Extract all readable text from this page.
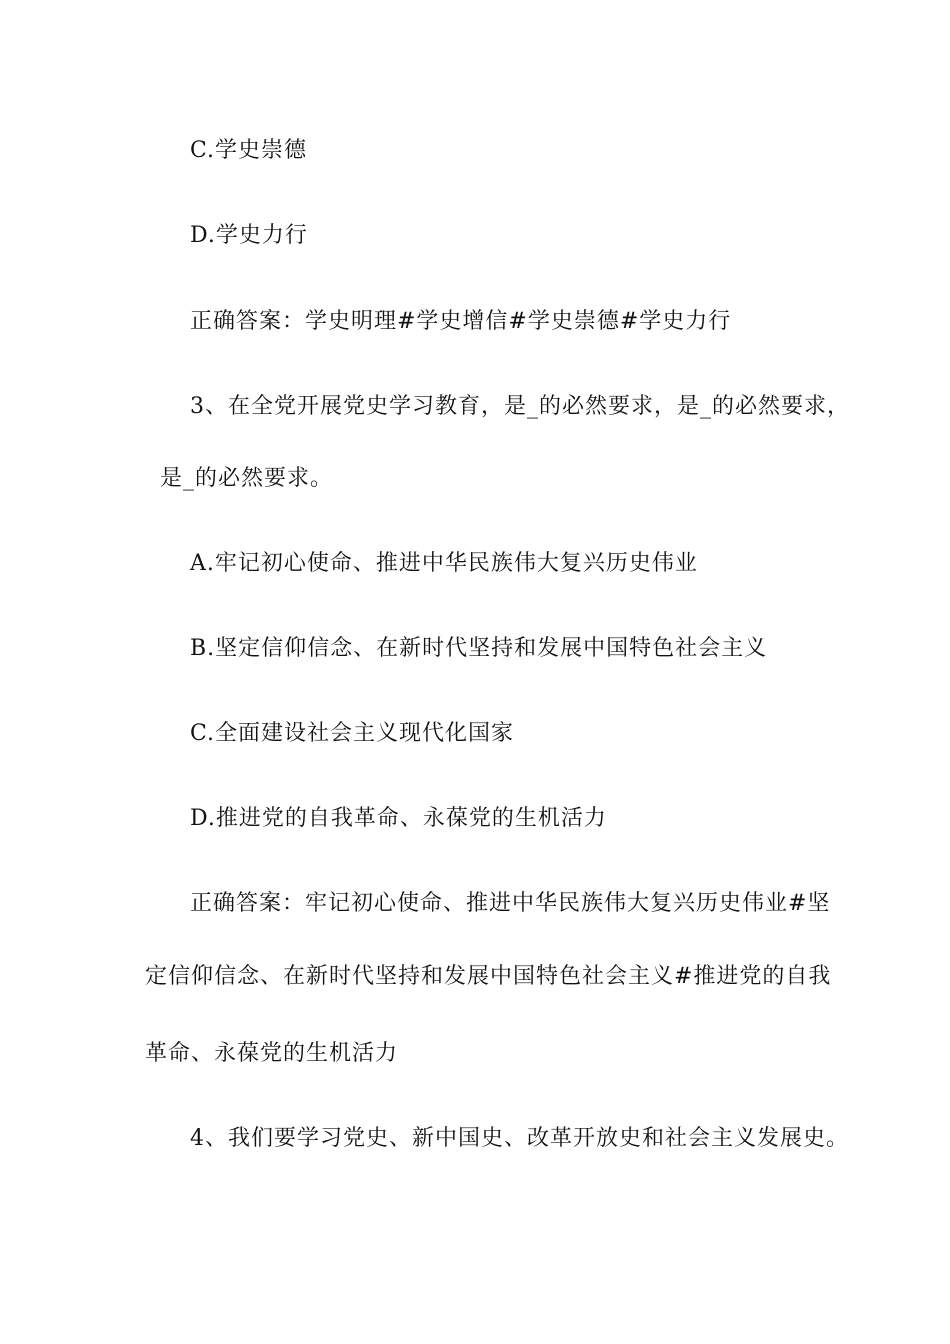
C.学史崇德
D.学史力行
正确答案：学史明理#学史增信#学史崇德#学史力行
3、在全党开展党史学习教育，是_的必然要求，是_的必然要求，
是_的必然要求。
A.牢记初心使命、推进中华民族伟大复兴历史伟业
B.坚定信仰信念、在新时代坚持和发展中国特色社会主义
C.全面建设社会主义现代化国家
D.推进党的自我革命、永葆党的生机活力
正确答案：牢记初心使命、推进中华民族伟大复兴历史伟业#坚
定信仰信念、在新时代坚持和发展中国特色社会主义#推进党的自我
革命、永葆党的生机活力
4、我们要学习党史、新中国史、改革开放史和社会主义发展史。
